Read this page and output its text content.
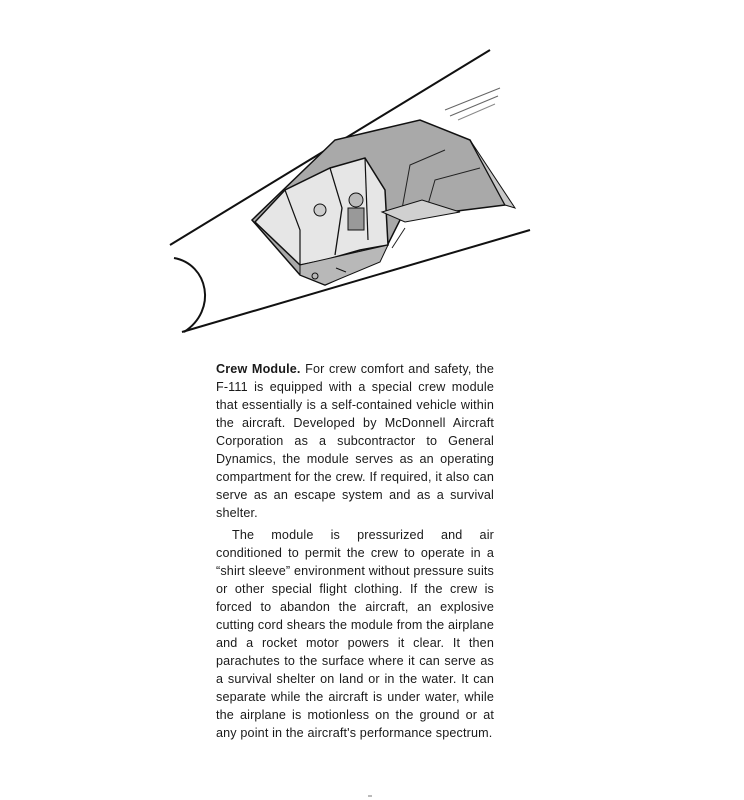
Crew Module. For crew comfort and safety, the F-111 is equipped with a special crew module that essentially is a self-contained vehicle within the aircraft. Developed by McDonnell Aircraft Corporation as a subcontractor to General Dynamics, the module serves as an operating compartment for the crew. If required, it also can serve as an escape system and as a survival shelter.

The module is pressurized and air conditioned to permit the crew to operate in a “shirt sleeve” environment without pressure suits or other special flight clothing. If the crew is forced to abandon the aircraft, an explosive cutting cord shears the module from the airplane and a rocket motor powers it clear. It then parachutes to the surface where it can serve as a survival shelter on land or in the water. It can separate while the aircraft is under water, while the airplane is motionless on the ground or at any point in the aircraft's performance spectrum.
